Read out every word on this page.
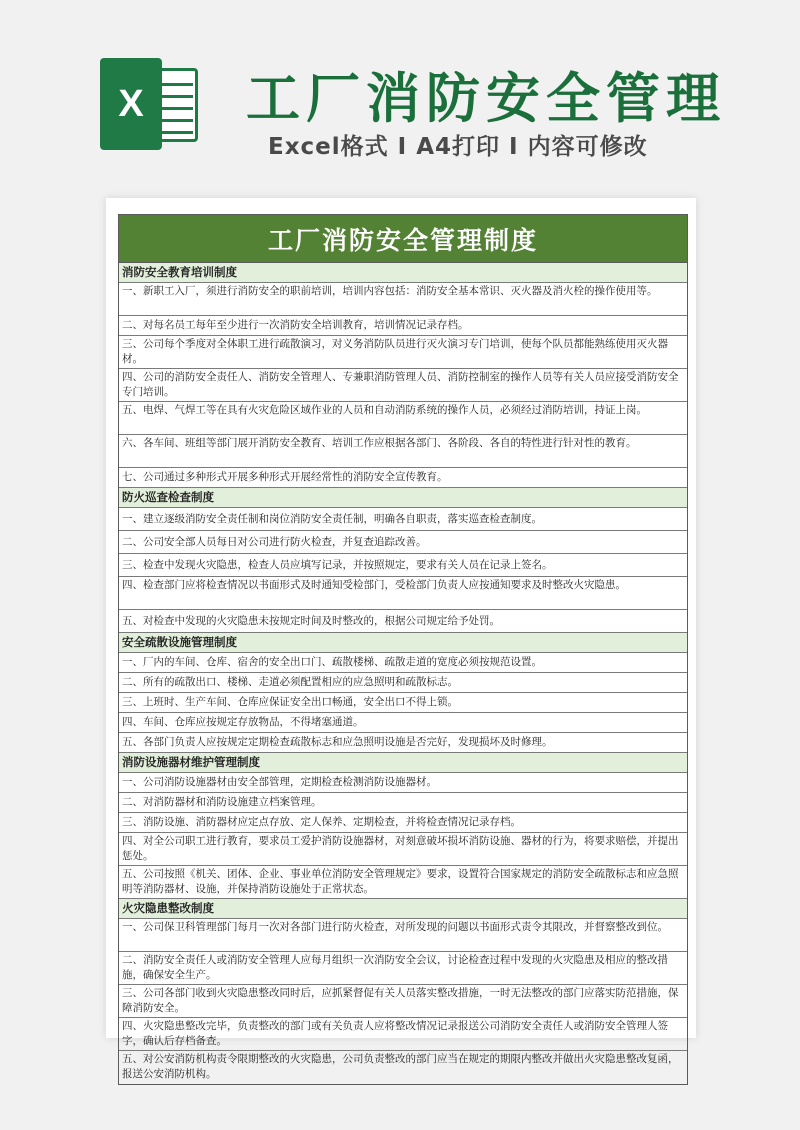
X	工厂消防安全管理
Excel格式 I A4打印 I 内容可修改
工厂消防安全管理制度
消防安全教育培训制度
一、新职工入厂，须进行消防安全的职前培训，培训内容包括：消防安全基本常识、灭火器及消火栓的操作使用等。
二、对每名员工每年至少进行一次消防安全培训教育，培训情况记录存档。
三、公司每个季度对全体职工进行疏散演习，对义务消防队员进行灭火演习专门培训，使每个队员都能熟练使用灭火器材。
四、公司的消防安全责任人、消防安全管理人、专兼职消防管理人员、消防控制室的操作人员等有关人员应接受消防安全专门培训。
五、电焊、气焊工等在具有火灾危险区域作业的人员和自动消防系统的操作人员，必须经过消防培训，持证上岗。
六、各车间、班组等部门展开消防安全教育、培训工作应根据各部门、各阶段、各自的特性进行针对性的教育。
七、公司通过多种形式开展多种形式开展经常性的消防安全宣传教育。
防火巡查检查制度
一、建立逐级消防安全责任制和岗位消防安全责任制，明确各自职责，落实巡查检查制度。
二、公司安全部人员每日对公司进行防火检查，并复查追踪改善。
三、检查中发现火灾隐患，检查人员应填写记录，并按照规定，要求有关人员在记录上签名。
四、检查部门应将检查情况以书面形式及时通知受检部门，受检部门负责人应按通知要求及时整改火灾隐患。
五、对检查中发现的火灾隐患未按规定时间及时整改的，根据公司规定给予处罚。
安全疏散设施管理制度
一、厂内的车间、仓库、宿舍的安全出口门、疏散楼梯、疏散走道的宽度必须按规范设置。
二、所有的疏散出口、楼梯、走道必须配置相应的应急照明和疏散标志。
三、上班时、生产车间、仓库应保证安全出口畅通，安全出口不得上锁。
四、车间、仓库应按规定存放物品，不得堵塞通道。
五、各部门负责人应按规定定期检查疏散标志和应急照明设施是否完好，发现损坏及时修理。
消防设施器材维护管理制度
一、公司消防设施器材由安全部管理，定期检查检测消防设施器材。
二、对消防器材和消防设施建立档案管理。
三、消防设施、消防器材应定点存放、定人保养、定期检查，并将检查情况记录存档。
四、对全公司职工进行教育，要求员工爱护消防设施器材，对刻意破坏损坏消防设施、器材的行为，将要求赔偿，并提出惩处。
五、公司按照《机关、团体、企业、事业单位消防安全管理规定》要求，设置符合国家规定的消防安全疏散标志和应急照明等消防器材、设施，并保持消防设施处于正常状态。
火灾隐患整改制度
一、公司保卫科管理部门每月一次对各部门进行防火检查，对所发现的问题以书面形式责令其限改，并督察整改到位。
二、消防安全责任人或消防安全管理人应每月组织一次消防安全会议，讨论检查过程中发现的火灾隐患及相应的整改措施，确保安全生产。
三、公司各部门收到火灾隐患整改同时后，应抓紧督促有关人员落实整改措施，一时无法整改的部门应落实防范措施，保障消防安全。
四、火灾隐患整改完毕，负责整改的部门或有关负责人应将整改情况记录报送公司消防安全责任人或消防安全管理人签字，确认后存档备查。
五、对公安消防机构责令限期整改的火灾隐患，公司负责整改的部门应当在规定的期限内整改并做出火灾隐患整改复函，报送公安消防机构。
